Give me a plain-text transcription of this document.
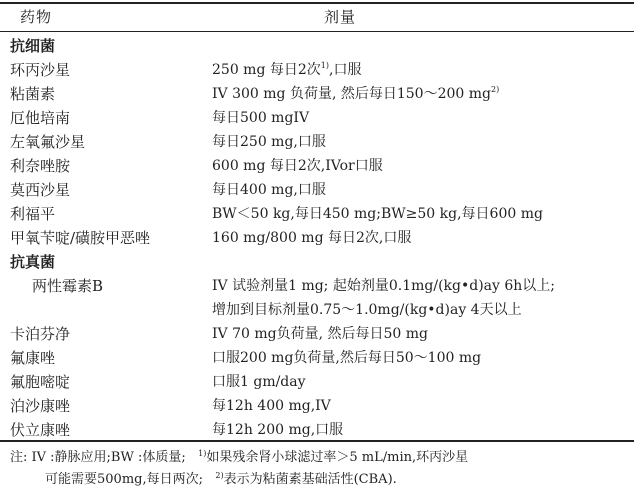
药物	剂量
抗细菌
环丙沙星	250 mg 每日2次$^{1)}$,口服
粘菌素	IV 300 mg 负荷量, 然后每日150～200 $mg^{2)}$
厄他培南	每日500 mgIV
左氧氟沙星	每日250 mg,口服
利奈唑胺	600 mg 每日2次,IVor口服
莫西沙星	每日400 mg,口服
利福平	BW＜50 kg,每日450 mg;BW≥50 kg,每日600 mg
甲氧苄啶/磺胺甲恶唑	160 mg/800 mg 每日2次,口服
抗真菌
两性霉素B	IV 试验剂量1 mg; 起始剂量0.1mg/(kg•d)ay 6h以上;
增加到目标剂量0.75～1.0mg/(kg•d)ay 4天以上
卡泊芬净	IV 70 mg负荷量, 然后每日50 mg
氟康唑	口服200 mg负荷量,然后每日50～100 mg
氟胞嘧啶	口服1 gm/day
泊沙康唑	每12h 400 mg,IV
伏立康唑	每12h 200 mg,口服
注: IV :静脉应用;BW :体质量; $^{1)}$如果残余肾小球滤过率＞5 mL/min,环丙沙星
可能需要500mg,每日两次; $^{2)}$表示为粘菌素基础活性(CBA).
